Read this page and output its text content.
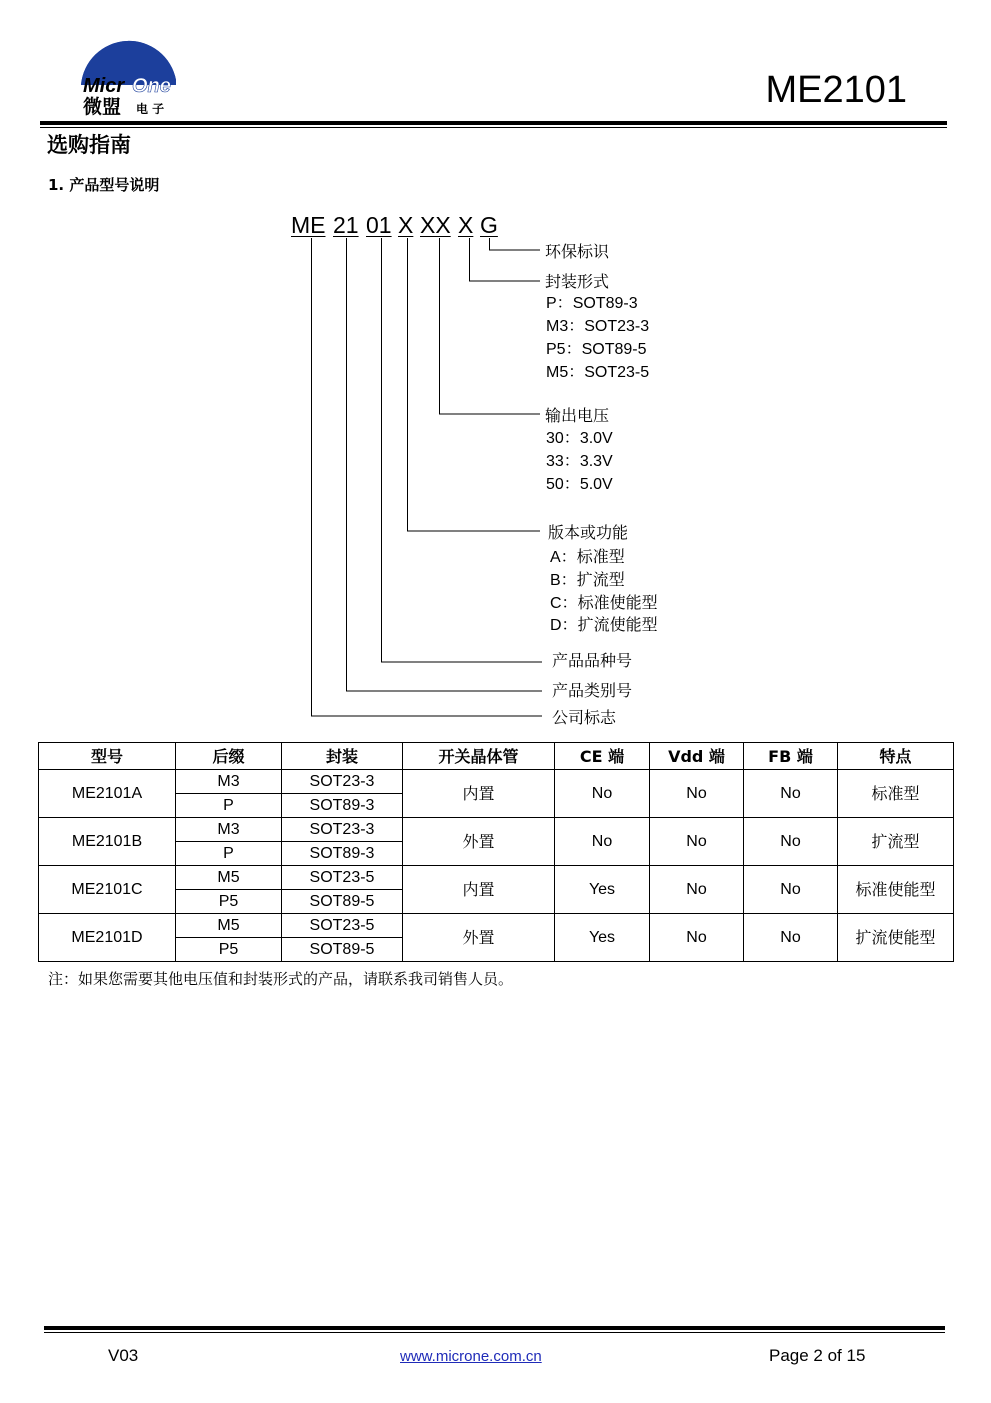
Micr One
微盟 电 子	ME2101
选购指南
1. 产品型号说明
ME 21 01 X XX X G
环保标识
封装形式
P：SOT89-3
M3：SOT23-3
P5：SOT89-5
M5：SOT23-5
输出电压
30：3.0V
33：3.3V
50：5.0V
版本或功能
A：标准型
B：扩流型
C：标准使能型
D：扩流使能型
产品品种号
产品类别号
公司标志
型号	后缀	封装	开关晶体管	CE 端	Vdd 端	FB 端	特点
ME2101A	M3	SOT23-3	内置	No	No	No	标准型
	P	SOT89-3					
ME2101B	M3	SOT23-3	外置	No	No	No	扩流型
	P	SOT89-3					
ME2101C	M5	SOT23-5	内置	Yes	No	No	标准使能型
	P5	SOT89-5					
ME2101D	M5	SOT23-5	外置	Yes	No	No	扩流使能型
	P5	SOT89-5					
注：如果您需要其他电压值和封装形式的产品，请联系我司销售人员。
V03	www.microne.com.cn	Page 2 of 15
